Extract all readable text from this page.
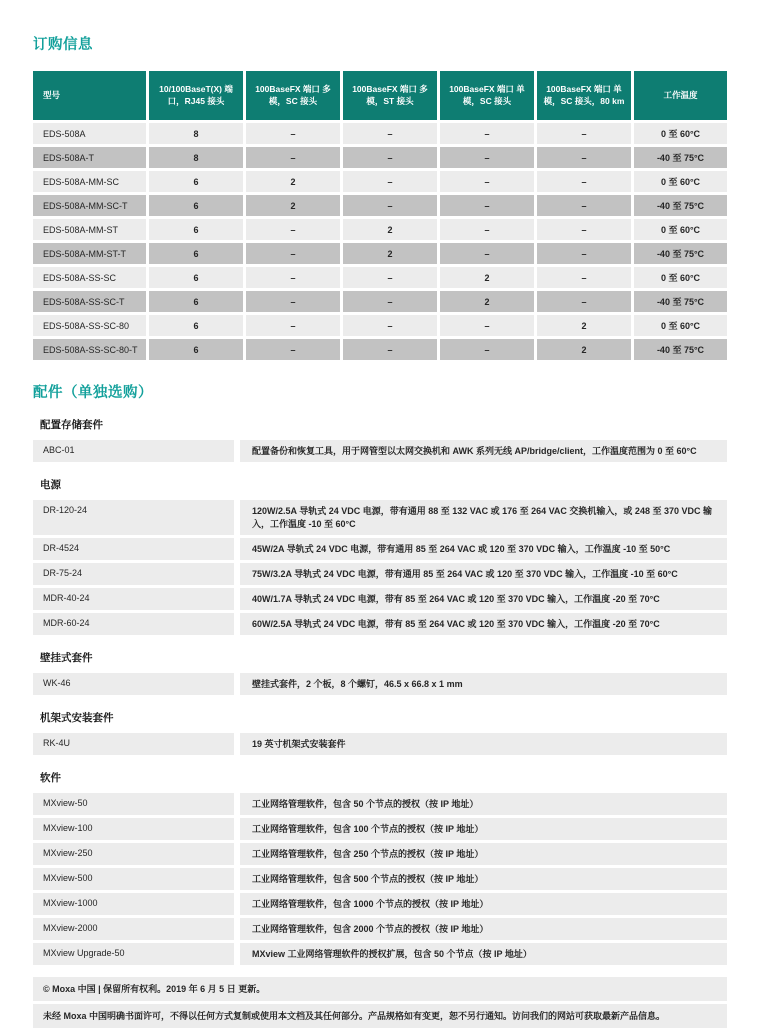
订购信息
型号	10/100BaseT(X) 端口，RJ45 接头	100BaseFX 端口 多模，SC 接头	100BaseFX 端口 多模，ST 接头	100BaseFX 端口 单模，SC 接头	100BaseFX 端口 单模，SC 接头，80 km	工作温度
EDS-508A	8	–	–	–	–	0 至 60°C
EDS-508A-T	8	–	–	–	–	-40 至 75°C
EDS-508A-MM-SC	6	2	–	–	–	0 至 60°C
EDS-508A-MM-SC-T	6	2	–	–	–	-40 至 75°C
EDS-508A-MM-ST	6	–	2	–	–	0 至 60°C
EDS-508A-MM-ST-T	6	–	2	–	–	-40 至 75°C
EDS-508A-SS-SC	6	–	–	2	–	0 至 60°C
EDS-508A-SS-SC-T	6	–	–	2	–	-40 至 75°C
EDS-508A-SS-SC-80	6	–	–	–	2	0 至 60°C
EDS-508A-SS-SC-80-T	6	–	–	–	2	-40 至 75°C
配件（单独选购）
配置存储套件
ABC-01	配置备份和恢复工具，用于网管型以太网交换机和 AWK 系列无线 AP/bridge/client，工作温度范围为 0 至 60°C
电源
DR-120-24	120W/2.5A 导轨式 24 VDC 电源，带有通用 88 至 132 VAC 或 176 至 264 VAC 交换机输入，或 248 至 370 VDC 输入，工作温度 -10 至 60°C
DR-4524	45W/2A 导轨式 24 VDC 电源，带有通用 85 至 264 VAC 或 120 至 370 VDC 输入，工作温度 -10 至 50°C
DR-75-24	75W/3.2A 导轨式 24 VDC 电源，带有通用 85 至 264 VAC 或 120 至 370 VDC 输入，工作温度 -10 至 60°C
MDR-40-24	40W/1.7A 导轨式 24 VDC 电源，带有 85 至 264 VAC 或 120 至 370 VDC 输入，工作温度 -20 至 70°C
MDR-60-24	60W/2.5A 导轨式 24 VDC 电源，带有 85 至 264 VAC 或 120 至 370 VDC 输入，工作温度 -20 至 70°C
壁挂式套件
WK-46	壁挂式套件，2 个板，8 个螺钉，46.5 x 66.8 x 1 mm
机架式安装套件
RK-4U	19 英寸机架式安装套件
软件
MXview-50	工业网络管理软件，包含 50 个节点的授权（按 IP 地址）
MXview-100	工业网络管理软件，包含 100 个节点的授权（按 IP 地址）
MXview-250	工业网络管理软件，包含 250 个节点的授权（按 IP 地址）
MXview-500	工业网络管理软件，包含 500 个节点的授权（按 IP 地址）
MXview-1000	工业网络管理软件，包含 1000 个节点的授权（按 IP 地址）
MXview-2000	工业网络管理软件，包含 2000 个节点的授权（按 IP 地址）
MXview Upgrade-50	MXview 工业网络管理软件的授权扩展，包含 50 个节点（按 IP 地址）
© Moxa 中国 | 保留所有权利。2019 年 6 月 5 日 更新。
未经 Moxa 中国明确书面许可，不得以任何方式复制或使用本文档及其任何部分。产品规格如有变更，恕不另行通知。访问我们的网站可获取最新产品信息。
